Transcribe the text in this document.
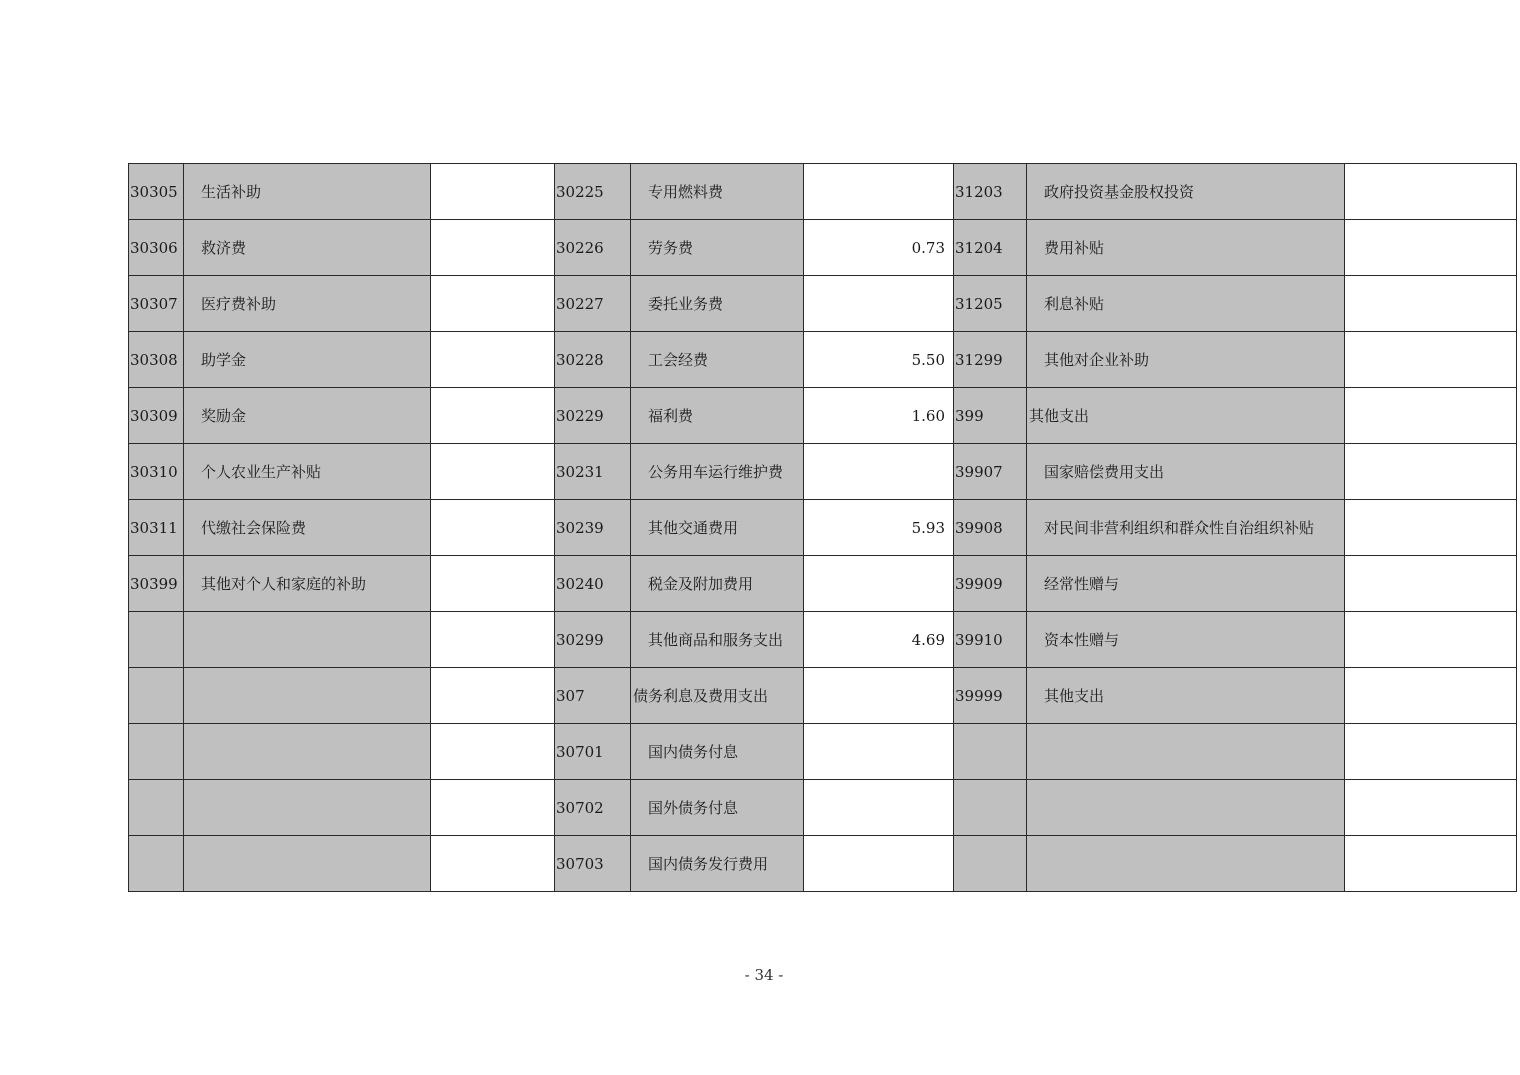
30305	生活补助		30225	专用燃料费		31203	政府投资基金股权投资	
30306	救济费		30226	劳务费	0.73	31204	费用补贴	
30307	医疗费补助		30227	委托业务费		31205	利息补贴	
30308	助学金		30228	工会经费	5.50	31299	其他对企业补助	
30309	奖励金		30229	福利费	1.60	399	其他支出	
30310	个人农业生产补贴		30231	公务用车运行维护费		39907	国家赔偿费用支出	
30311	代缴社会保险费		30239	其他交通费用	5.93	39908	对民间非营利组织和群众性自治组织补贴	
30399	其他对个人和家庭的补助		30240	税金及附加费用		39909	经常性赠与	
			30299	其他商品和服务支出	4.69	39910	资本性赠与	
			307	债务利息及费用支出		39999	其他支出	
			30701	国内债务付息				
			30702	国外债务付息				
			30703	国内债务发行费用				
- 34 -
